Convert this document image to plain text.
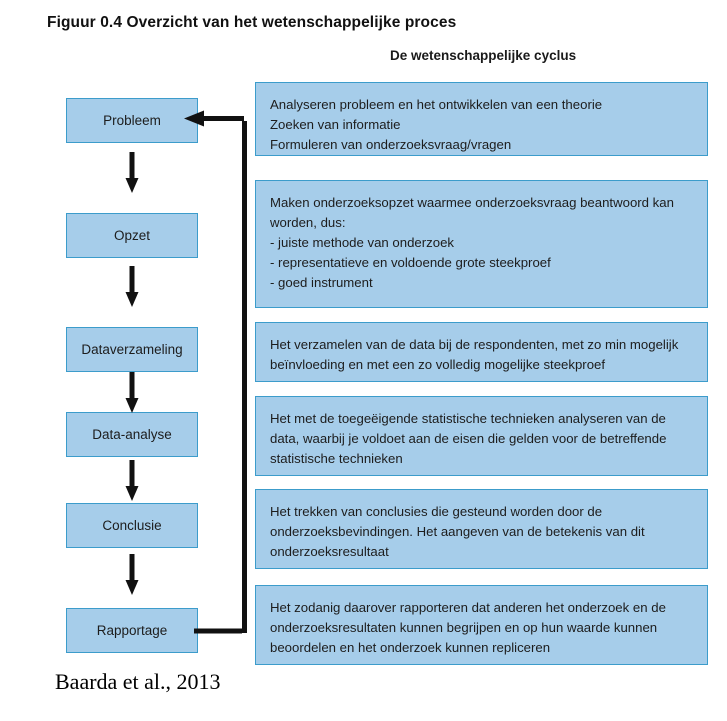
Figuur 0.4 Overzicht van het wetenschappelijke proces
De wetenschappelijke cyclus
Probleem
Opzet
Dataverzameling
Data-analyse
Conclusie
Rapportage
Analyseren probleem en het ontwikkelen van een theorie
Zoeken van informatie
Formuleren van onderzoeksvraag/vragen
Maken onderzoeksopzet waarmee onderzoeksvraag beantwoord kan
worden, dus:
- juiste methode van onderzoek
- representatieve en voldoende grote steekproef
- goed instrument
Het verzamelen van de data bij de respondenten, met zo min mogelijk
beïnvloeding en met een zo volledig mogelijke steekproef
Het met de toegeëigende statistische technieken analyseren van de
data, waarbij je voldoet aan de eisen die gelden voor de betreffende
statistische technieken
Het trekken van conclusies die gesteund worden door de
onderzoeksbevindingen. Het aangeven van de betekenis van dit
onderzoeksresultaat
Het zodanig daarover rapporteren dat anderen het onderzoek en de
onderzoeksresultaten kunnen begrijpen en op hun waarde kunnen
beoordelen en het onderzoek kunnen repliceren
Baarda et al., 2013
